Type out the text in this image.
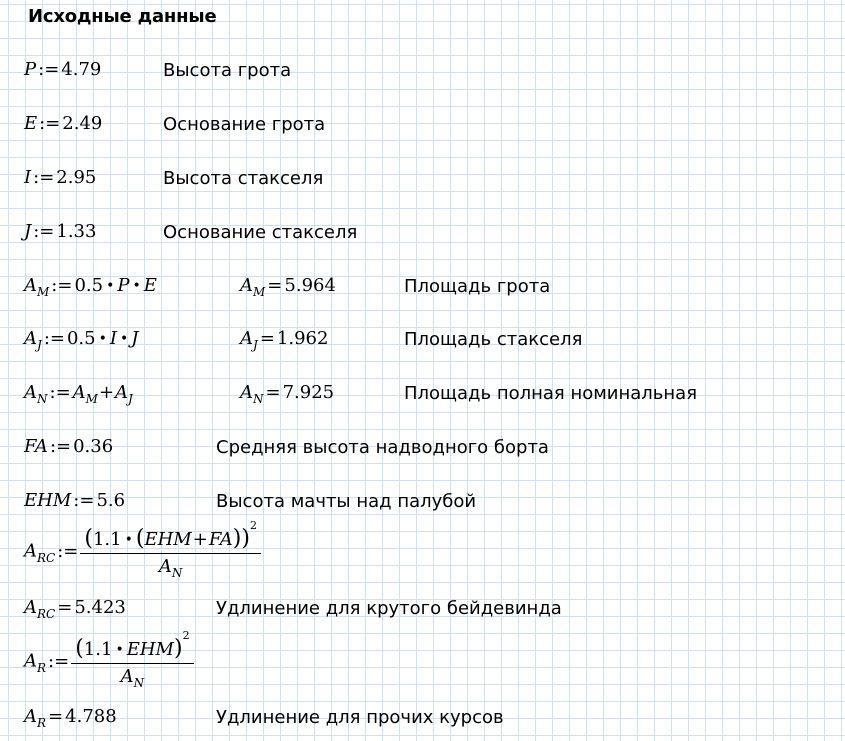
Исходные данные
P := 4.79	Высота грота
E := 2.49	Основание грота
I := 2.95	Высота стакселя
J := 1.33	Основание стакселя
$A_M$ := 0.5 • P • E	$A_M = 5.964$	Площадь грота
$A_J$ := 0.5 • I • J	$A_J = 1.962$	Площадь стакселя
$A_N$ := $A_M+A_J$	$A_N = 7.925$	Площадь полная номинальная
FA := 0.36	Средняя высота надводного борта
EHM := 5.6	Высота мачты над палубой
$A_{RC}$ := $\frac{(1.1 • (EHM+FA))^2}{A_N}$
$A_{RC} = 5.423$	Удлинение для крутого бейдевинда
$A_R$ := $\frac{(1.1 • EHM)^2}{A_N}$
$A_R = 4.788$	Удлинение для прочих курсов
